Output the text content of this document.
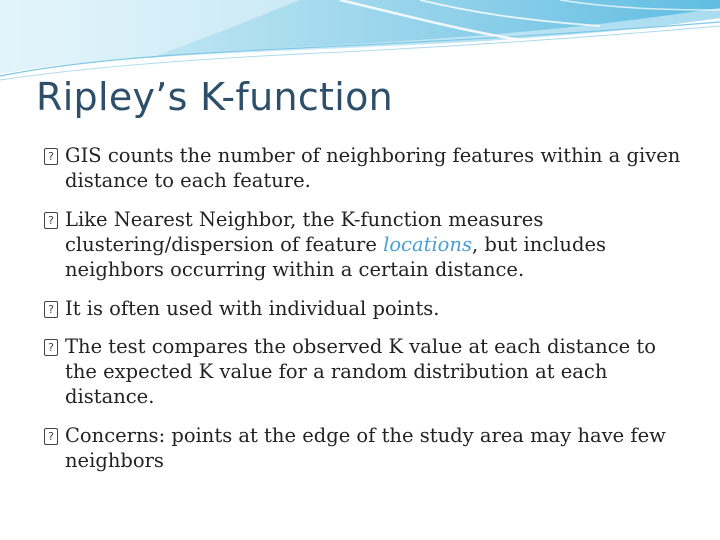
Ripley’s K-function
?
GIS counts the number of neighboring features within a given distance to each feature.
?
Like Nearest Neighbor, the K-function measures clustering/dispersion of feature locations, but includes neighbors occurring within a certain distance.
?
It is often used with individual points.
?
The test compares the observed K value at each distance to the expected K value for a random distribution at each distance.
?
Concerns: points at the edge of the study area may have few neighbors
